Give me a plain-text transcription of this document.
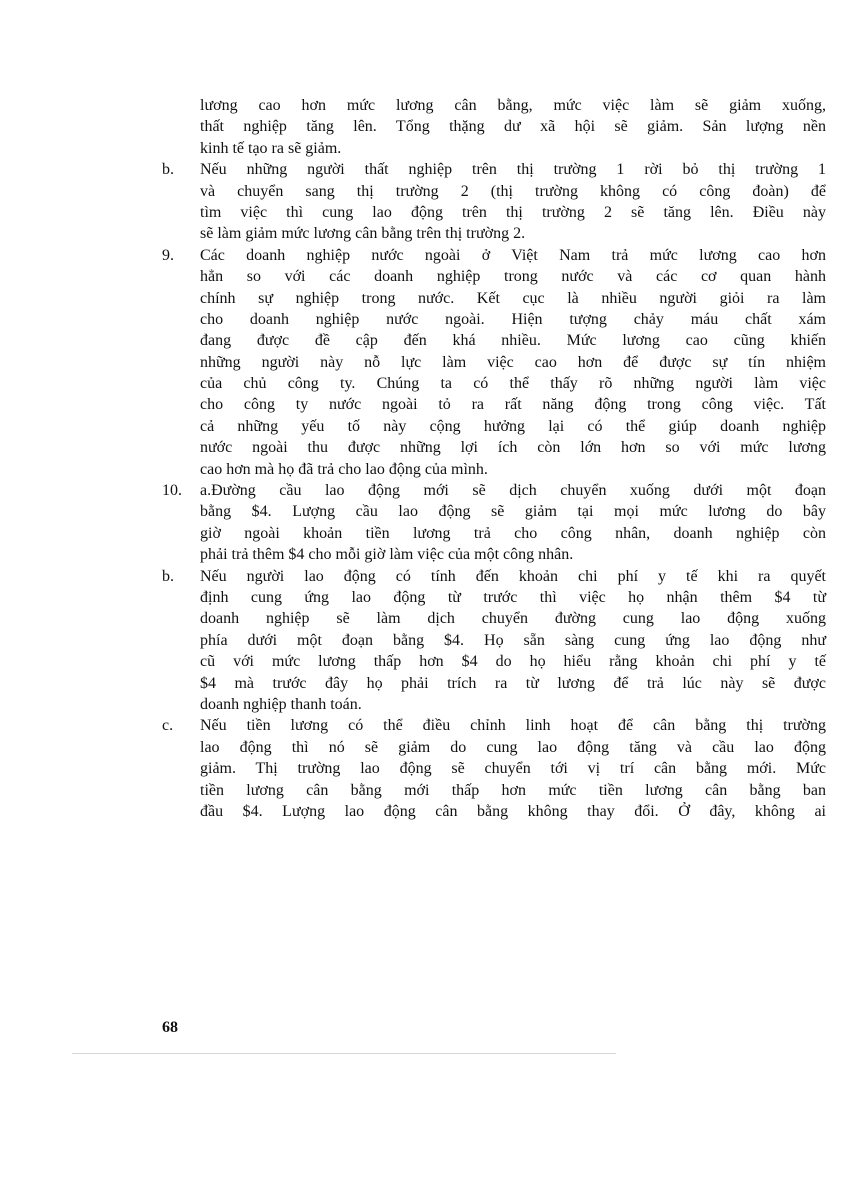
lương cao hơn mức lương cân bằng, mức việc làm sẽ giảm xuống,
thất nghiệp tăng lên. Tổng thặng dư xã hội sẽ giảm. Sản lượng nền
kinh tế tạo ra sẽ giảm.
b.	Nếu những người thất nghiệp trên thị trường 1 rời bỏ thị trường 1
và chuyển sang thị trường 2 (thị trường không có công đoàn) để
tìm việc thì cung lao động trên thị trường 2 sẽ tăng lên. Điều này
sẽ làm giảm mức lương cân bằng trên thị trường 2.
9.	Các doanh nghiệp nước ngoài ở Việt Nam trả mức lương cao hơn
hẳn so với các doanh nghiệp trong nước và các cơ quan hành
chính sự nghiệp trong nước. Kết cục là nhiều người giỏi ra làm
cho doanh nghiệp nước ngoài. Hiện tượng chảy máu chất xám
đang được đề cập đến khá nhiều. Mức lương cao cũng khiến
những người này nỗ lực làm việc cao hơn để được sự tín nhiệm
của chủ công ty. Chúng ta có thể thấy rõ những người làm việc
cho công ty nước ngoài tỏ ra rất năng động trong công việc. Tất
cả những yếu tố này cộng hưởng lại có thể giúp doanh nghiệp
nước ngoài thu được những lợi ích còn lớn hơn so với mức lương
cao hơn mà họ đã trả cho lao động của mình.
10.	a.Đường cầu lao động mới sẽ dịch chuyển xuống dưới một đoạn
bằng $4. Lượng cầu lao động sẽ giảm tại mọi mức lương do bây
giờ ngoài khoản tiền lương trả cho công nhân, doanh nghiệp còn
phải trả thêm $4 cho mỗi giờ làm việc của một công nhân.
b.	Nếu người lao động có tính đến khoản chi phí y tế khi ra quyết
định cung ứng lao động từ trước thì việc họ nhận thêm $4 từ
doanh nghiệp sẽ làm dịch chuyển đường cung lao động xuống
phía dưới một đoạn bằng $4. Họ sẵn sàng cung ứng lao động như
cũ với mức lương thấp hơn $4 do họ hiểu rằng khoản chi phí y tế
$4 mà trước đây họ phải trích ra từ lương để trả lúc này sẽ được
doanh nghiệp thanh toán.
c.	Nếu tiền lương có thể điều chỉnh linh hoạt để cân bằng thị trường
lao động thì nó sẽ giảm do cung lao động tăng và cầu lao động
giảm. Thị trường lao động sẽ chuyển tới vị trí cân bằng mới. Mức
tiền lương cân bằng mới thấp hơn mức tiền lương cân bằng ban
đầu $4. Lượng lao động cân bằng không thay đổi. Ở đây, không ai
68
